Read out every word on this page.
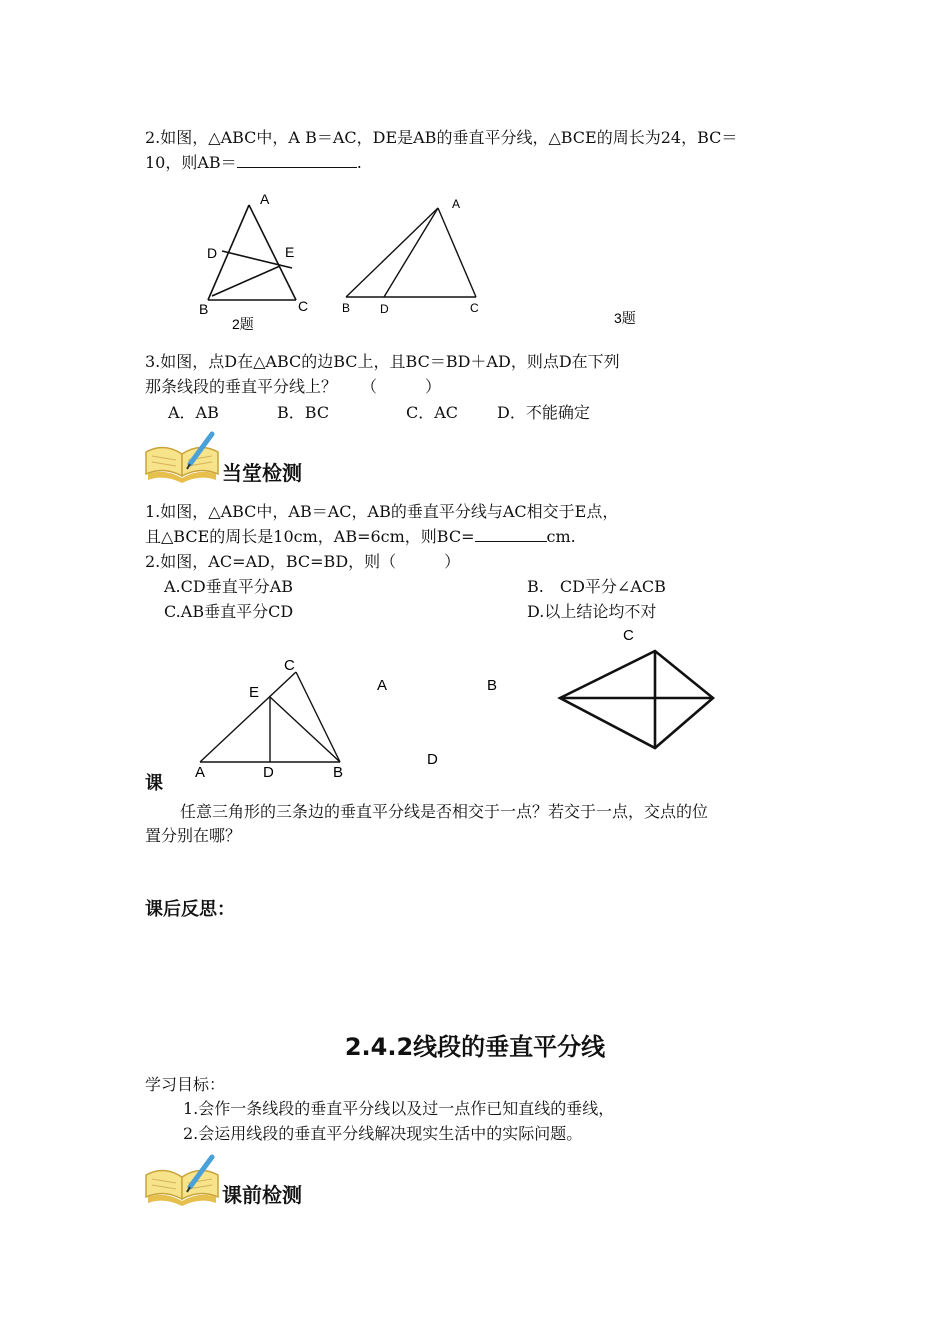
2.如图，△ABC中，A B＝AC，DE是AB的垂直平分线，△BCE的周长为24，BC＝
10，则AB＝	.
A
D	E
B	C
2题
A
B D	C
3题
3.如图，点D在△ABC的边BC上，且BC＝BD＋AD，则点D在下列
那条线段的垂直平分线上？　　（　　　）
A．AB	B．BC	C．AC D．不能确定
当堂检测
1.如图，△ABC中，AB＝AC，AB的垂直平分线与AC相交于E点，
且△BCE的周长是10cm，AB=6cm，则BC=	cm.
2.如图，AC=AD，BC=BD，则（　　　）
A.CD垂直平分AB	B.　CD平分∠ACB
C.AB垂直平分CD	D.以上结论均不对
A	D	B
E
C
C
A	B
D
课
任意三角形的三条边的垂直平分线是否相交于一点？若交于一点，交点的位
置分别在哪？
课后反思：
2.4.2线段的垂直平分线
学习目标：
1.会作一条线段的垂直平分线以及过一点作已知直线的垂线，
2.会运用线段的垂直平分线解决现实生活中的实际问题。
课前检测
